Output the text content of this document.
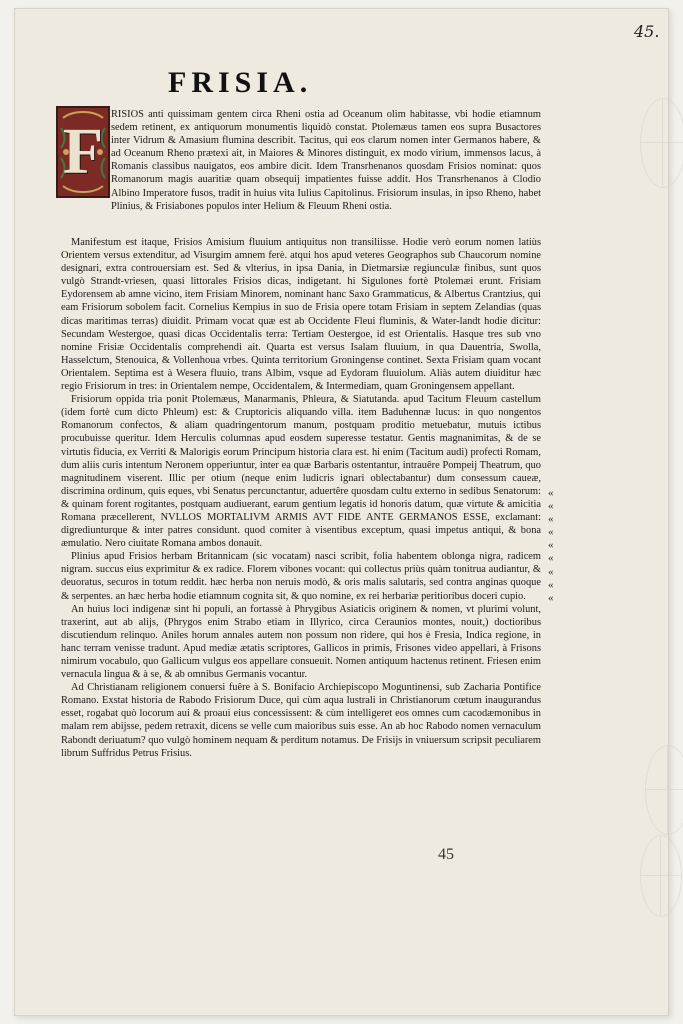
45.
FRISIA.
F

RISIOS anti quissimam gentem circa Rheni ostia ad Oceanum olim habitasse, vbi hodie etiamnum sedem retinent, ex antiquorum monumentis liquidò constat. Ptolemæus tamen eos supra Busactores inter Vidrum & Amasium flumina describit. Tacitus, qui eos clarum nomen inter Germanos habere, & ad Oceanum Rheno prætexi ait, in Maiores & Minores distinguit, ex modo virium, immensos lacus, à Romanis classibus nauigatos, eos ambire dicit. Idem Transrhenanos quosdam Frisios nominat: quos Romanorum magis auaritiæ quam obsequij impatientes fuisse addit. Hos Transrhenanos à Clodio Albino Imperatore fusos, tradit in huius vita Iulius Capitolinus. Frisiorum insulas, in ipso Rheno, habet Plinius, & Frisiabones populos inter Helium & Fleuum Rheni ostia.

Manifestum est itaque, Frisios Amisium fluuium antiquitus non transiliisse. Hodie verò eorum nomen latiùs Orientem versus extenditur, ad Visurgim amnem ferè. atqui hos apud veteres Geographos sub Chaucorum nomine designari, extra controuersiam est. Sed & vlterius, in ipsa Dania, in Dietmarsiæ regiunculæ finibus, sunt quos vulgò Strandt-vriesen, quasi littorales Frisios dicas, indigetant. hi Sigulones fortè Ptolemæi erunt. Frisiam Eydorensem ab amne vicino, item Frisiam Minorem, nominant hanc Saxo Grammaticus, & Albertus Crantzius, qui eam Frisiorum sobolem facit. Cornelius Kempius in suo de Frisia opere totam Frisiam in septem Zelandias (quas dicas maritimas terras) diuidit. Primam vocat quæ est ab Occidente Fleui fluminis, & Water-landt hodie dicitur: Secundam Westergoe, quasi dicas Occidentalis terra: Tertiam Oestergoe, id est Orientalis. Hasque tres sub vno nomine Frisiæ Occidentalis comprehendi ait. Quarta est versus Isalam fluuium, in qua Dauentria, Swolla, Hasselctum, Stenouica, & Vollenhoua vrbes. Quinta territorium Groningense continet. Sexta Frisiam quam vocant Orientalem. Septima est à Wesera fluuio, trans Albim, vsque ad Eydoram fluuiolum. Aliàs autem diuiditur hæc regio Frisiorum in tres: in Orientalem nempe, Occidentalem, & Intermediam, quam Groningensem appellant.

Frisiorum oppida tria ponit Ptolemæus, Manarmanis, Phleura, & Siatutanda. apud Tacitum Fleuum castellum (idem fortè cum dicto Phleum) est: & Cruptoricis aliquando villa. item Baduhennæ lucus: in quo nongentos Romanorum confectos, & aliam quadringentorum manum, postquam proditio metuebatur, mutuis ictibus procubuisse queritur. Idem Herculis columnas apud eosdem superesse testatur. Gentis magnanimitas, & de se virtutis fiducia, ex Verriti & Malorigis eorum Principum historia clara est. hi enim (Tacitum audi) profecti Romam, dum aliis curis intentum Neronem opperiuntur, inter ea quæ Barbaris ostentantur, intrauêre Pompeij Theatrum, quo magnitudinem viserent. Illic per otium (neque enim ludicris ignari oblectabantur) dum consessum caueæ, discrimina ordinum, quis eques, vbi Senatus percunctantur, aduertêre quosdam cultu externo in sedibus Senatorum: & quinam forent rogitantes, postquam audiuerant, earum gentium legatis id honoris datum, quæ virtute & amicitia Romana præcellerent, NVLLOS MORTALIVM ARMIS AVT FIDE ANTE GERMANOS ESSE, exclamant: digrediunturque & inter patres considunt. quod comiter à visentibus exceptum, quasi impetus antiqui, & bona æmulatio. Nero ciuitate Romana ambos donauit.

Plinius apud Frisios herbam Britannicam (sic vocatam) nasci scribit, folia habentem oblonga nigra, radicem nigram. succus eius exprimitur & ex radice. Florem vibones vocant: qui collectus priùs quàm tonitrua audiantur, & deuoratus, securos in totum reddit. hæc herba non neruis modò, & oris malis salutaris, sed contra anginas quoque & serpentes. an hæc herba hodie etiamnum cognita sit, & quo nomine, ex rei herbariæ peritioribus doceri cupio.

An huius loci indigenæ sint hi populi, an fortassè à Phrygibus Asiaticis originem & nomen, vt plurimi volunt, traxerint, aut ab alijs, (Phrygos enim Strabo etiam in Illyrico, circa Ceraunios montes, nouit,) doctioribus discutiendum relinquo. Aniles horum annales autem non possum non ridere, qui hos è Fresia, Indica regione, in hanc terram venisse tradunt. Apud mediæ ætatis scriptores, Gallicos in primis, Frisones video appellari, à Frisons nimirum vocabulo, quo Gallicum vulgus eos appellare consueuit. Nomen antiquum hactenus retinent. Friesen enim vernacula lingua & à se, & ab omnibus Germanis vocantur.

Ad Christianam religionem conuersi fuêre à S. Bonifacio Archiepiscopo Moguntinensi, sub Zacharia Pontifice Romano. Exstat historia de Rabodo Frisiorum Duce, qui cùm aqua lustrali in Christianorum cœtum inaugurandus esset, rogabat quò locorum aui & proaui eius concessissent: & cùm intelligeret eos omnes cum cacodæmonibus in malam rem abijsse, pedem retraxit, dicens se velle cum maioribus suis esse. An ab hoc Rabodo nomen vernaculum Rabondt deriuatum? quo vulgò hominem nequam & perditum notamus. De Frisijs in vniuersum scripsit peculiarem librum Suffridus Petrus Frisius.

«
«
«
«
«
«
«
«
«
45
